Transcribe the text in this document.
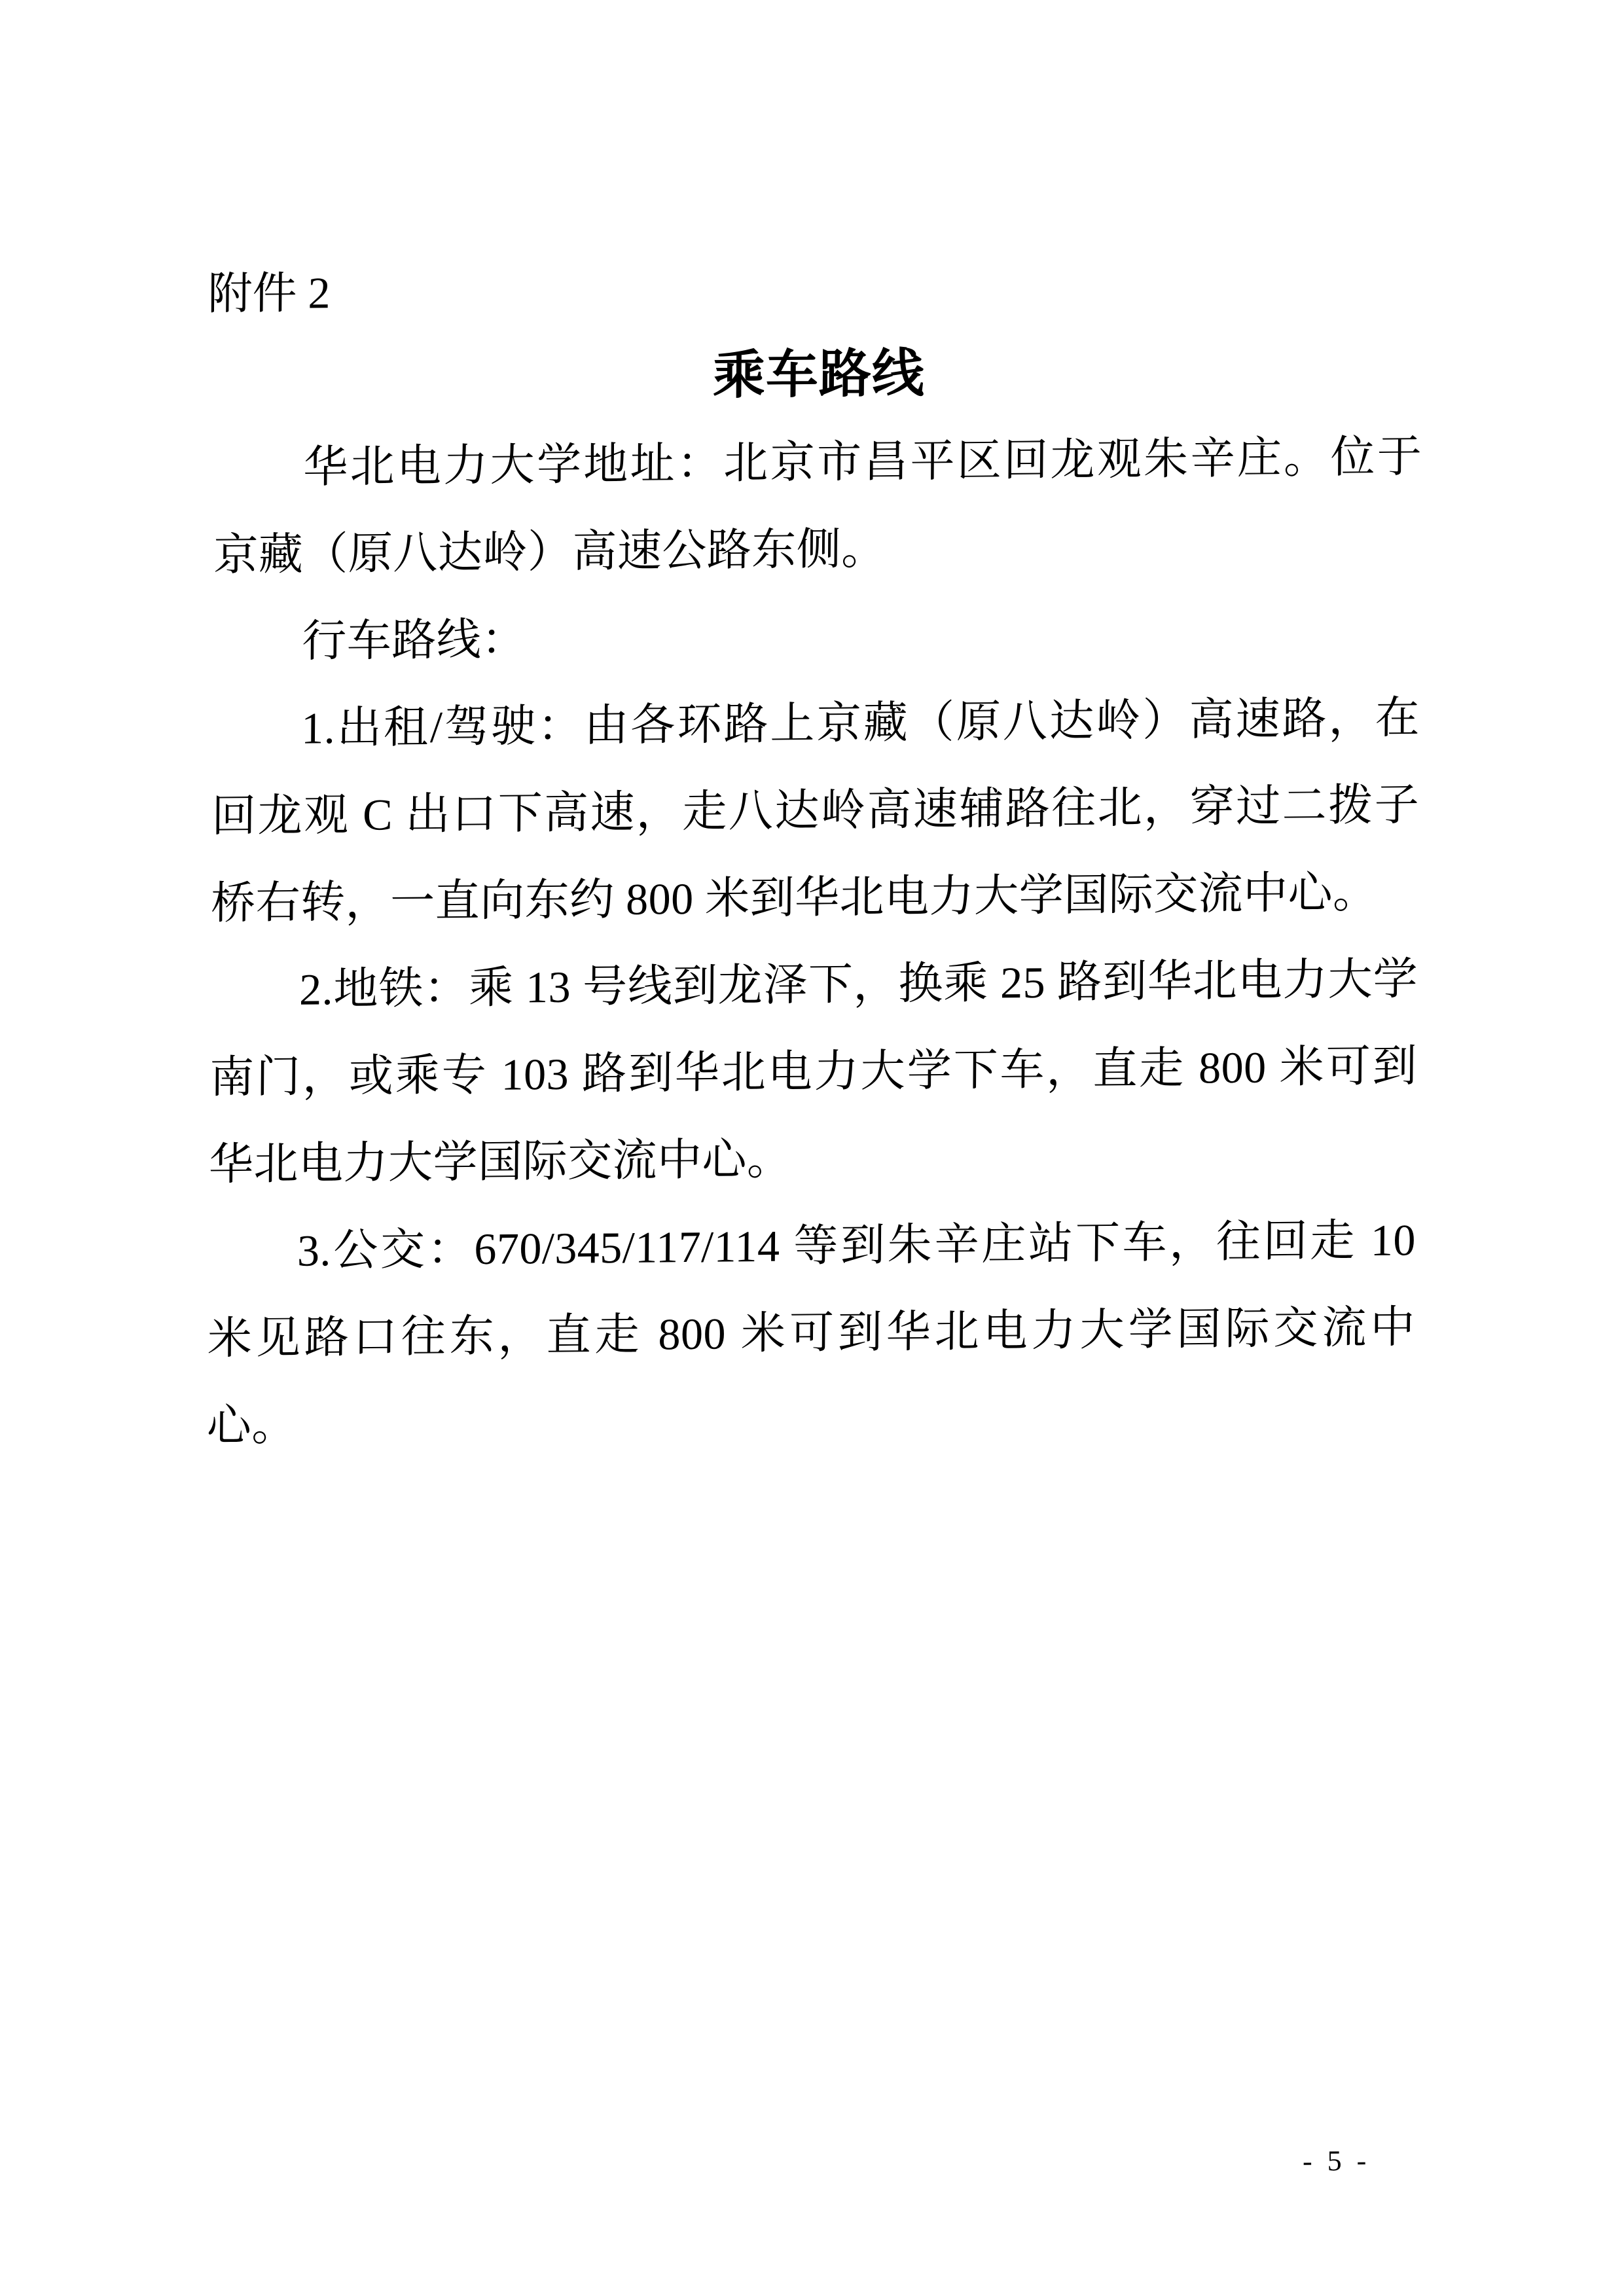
附件 2

乘车路线

华北电力大学地址：北京市昌平区回龙观朱辛庄。位于京藏（原八达岭）高速公路东侧。

行车路线：

1.出租/驾驶：由各环路上京藏（原八达岭）高速路，在回龙观 C 出口下高速，走八达岭高速辅路往北，穿过二拨子桥右转，一直向东约 800 米到华北电力大学国际交流中心。

2.地铁：乘 13 号线到龙泽下，换乘 25 路到华北电力大学南门，或乘专 103 路到华北电力大学下车，直走 800 米可到华北电力大学国际交流中心。

3.公交：670/345/117/114 等到朱辛庄站下车，往回走 10 米见路口往东，直走 800 米可到华北电力大学国际交流中心。

- 5 -
